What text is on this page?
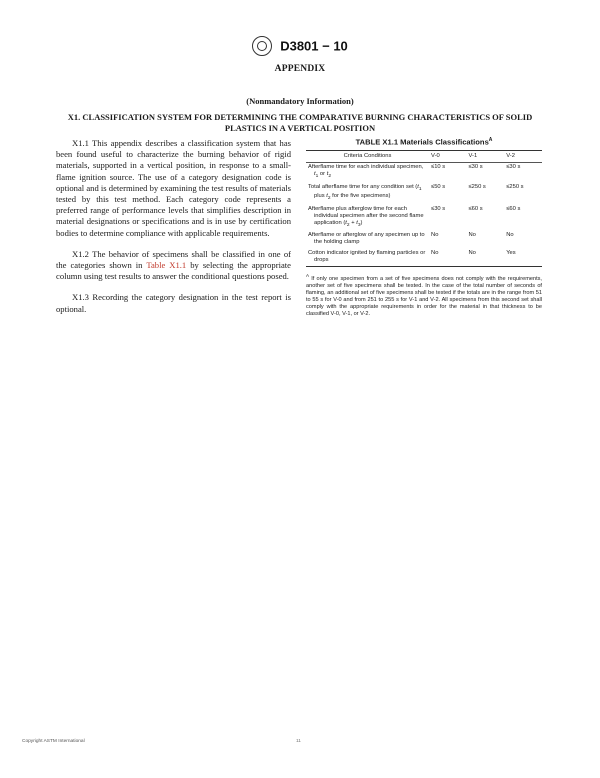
D3801 − 10
APPENDIX
(Nonmandatory Information)
X1. CLASSIFICATION SYSTEM FOR DETERMINING THE COMPARATIVE BURNING CHARACTERISTICS OF SOLID PLASTICS IN A VERTICAL POSITION

X1.1 This appendix describes a classification system that has been found useful to characterize the burning behavior of rigid materials, supported in a vertical position, in response to a small-flame ignition source. The use of a category designation code is optional and is determined by examining the test results of materials tested by this test method. Each category code represents a preferred range of performance levels that simplifies description in material designations or specifications and is in use by certification bodies to determine compliance with applicable requirements.

X1.2 The behavior of specimens shall be classified in one of the categories shown in Table X1.1 by selecting the appropriate column using test results to answer the conditional questions posed.

X1.3 Recording the category designation in the test report is optional.

TABLE X1.1 Materials Classifications$^A$
Criteria Conditions	V-0	V-1	V-2

Afterflame time for each individual specimen, $t_1$ or $t_2$	≤10 s	≤30 s	≤30 s

Total afterflame time for any condition set ($t_1$ plus $t_2$ for the five specimens)	≤50 s	≤250 s	≤250 s

Afterflame plus afterglow time for each individual specimen after the second flame application $(t_2 + t_3)$	≤30 s	≤60 s	≤60 s

Afterflame or afterglow of any specimen up to the holding clamp	No	No	No

Cotton indicator ignited by flaming particles or drops	No	No	Yes
$^A$ If only one specimen from a set of five specimens does not comply with the requirements, another set of five specimens shall be tested. In the case of the total number of seconds of flaming, an additional set of five specimens shall be tested if the totals are in the range from 51 to 55 s for V-0 and from 251 to 255 s for V-1 and V-2. All specimens from this second set shall comply with the appropriate requirements in order for the material in that thickness to be classified V-0, V-1, or V-2.
Copyright ASTM International	11
